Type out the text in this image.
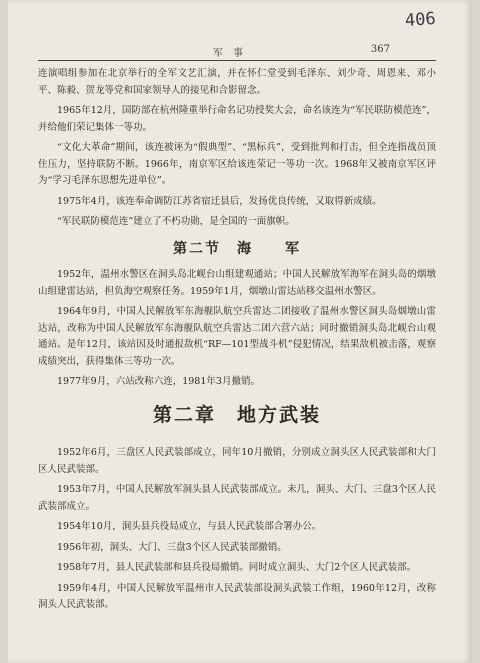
406
军事	367

连演唱组参加在北京举行的全军文艺汇演，并在怀仁堂受到毛泽东、刘少奇、周恩来、邓小平、陈毅、贺龙等党和国家领导人的接见和合影留念。

1965年12月，国防部在杭州隆重举行命名记功授奖大会，命名该连为“军民联防模范连”，并给他们荣记集体一等功。

“文化大革命”期间，该连被诬为“假典型”、“黑标兵”，受到批判和打击，但全连指战员顶住压力，坚持联防不断。1966年，南京军区给该连荣记一等功一次。1968年又被南京军区评为“学习毛泽东思想先进单位”。

1975年4月，该连奉命调防江苏省宿迁县后，发扬优良传统，又取得新成绩。

“军民联防模范连”建立了不朽功勋，是全国的一面旗帜。

第二节　海　　军

1952年，温州水警区在洞头岛北岘台山组建观通站；中国人民解放军海军在洞头岛的烟墩山组建雷达站，担负海空观察任务。1959年1月，烟墩山雷达站移交温州水警区。

1964年9月，中国人民解放军东海舰队航空兵雷达二团接收了温州水警区洞头岛烟墩山雷达站，改称为中国人民解放军东海舰队航空兵雷达二团六营六站；同时撤销洞头岛北岘台山观通站。是年12月，该站因及时通报敌机“RF—101型战斗机”侵犯情况，结果敌机被击落，观察成绩突出，获得集体三等功一次。

1977年9月，六站改称六连，1981年3月撤销。

第二章　地方武装

1952年6月，三盘区人民武装部成立，同年10月撤销，分别成立洞头区人民武装部和大门区人民武装部。

1953年7月，中国人民解放军洞头县人民武装部成立。未几，洞头、大门、三盘3个区人民武装部成立。

1954年10月，洞头县兵役局成立，与县人民武装部合署办公。

1956年初，洞头、大门、三盘3个区人民武装部撤销。

1958年7月，县人民武装部和县兵役局撤销。同时成立洞头、大门2个区人民武装部。

1959年4月，中国人民解放军温州市人民武装部设洞头武装工作组，1960年12月，改称洞头人民武装部。
